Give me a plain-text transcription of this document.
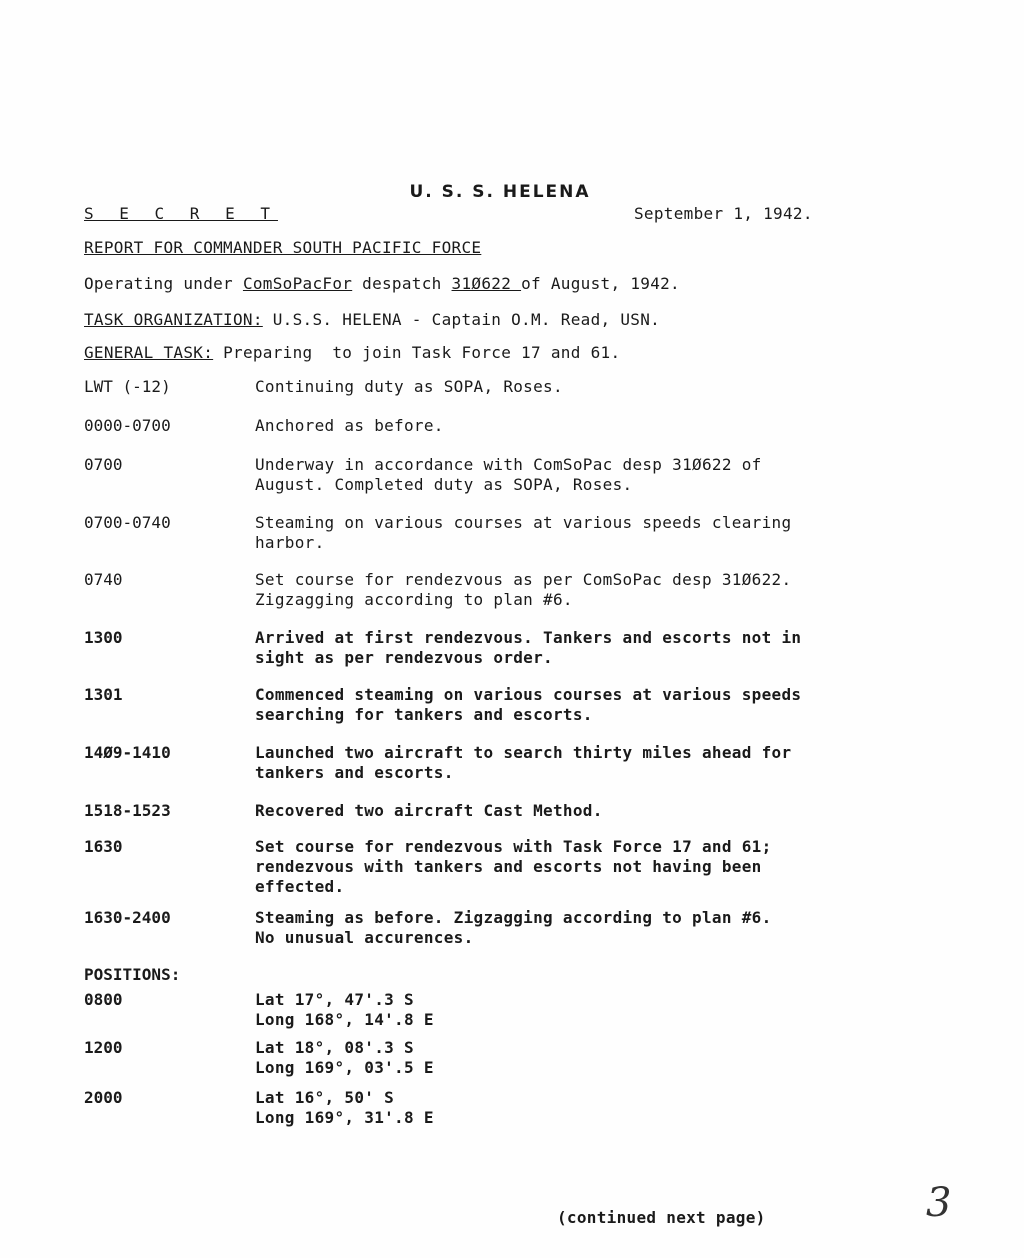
U. S. S. HELENA
S E C R E T	September 1, 1942.
REPORT FOR COMMANDER SOUTH PACIFIC FORCE
Operating under ComSoPacFor despatch 31Ø622 of August, 1942.
TASK ORGANIZATION: U.S.S. HELENA - Captain O.M. Read, USN.
GENERAL TASK: Preparing  to join Task Force 17 and 61.
LWT (-12)	Continuing duty as SOPA, Roses.
0000-0700	Anchored as before.
0700	Underway in accordance with ComSoPac desp 31Ø622 of
August. Completed duty as SOPA, Roses.
0700-0740	Steaming on various courses at various speeds clearing
harbor.
0740	Set course for rendezvous as per ComSoPac desp 31Ø622.
Zigzagging according to plan #6.
1300	Arrived at first rendezvous. Tankers and escorts not in
sight as per rendezvous order.
1301	Commenced steaming on various courses at various speeds
searching for tankers and escorts.
14Ø9-1410	Launched two aircraft to search thirty miles ahead for
tankers and escorts.
1518-1523	Recovered two aircraft Cast Method.
1630	Set course for rendezvous with Task Force 17 and 61;
rendezvous with tankers and escorts not having been
effected.
1630-2400	Steaming as before. Zigzagging according to plan #6.
No unusual accurences.
POSITIONS:
0800	Lat 17°, 47'.3 S
Long 168°, 14'.8 E
1200	Lat 18°, 08'.3 S
Long 169°, 03'.5 E
2000	Lat 16°, 50' S
Long 169°, 31'.8 E
(continued next page)	3
